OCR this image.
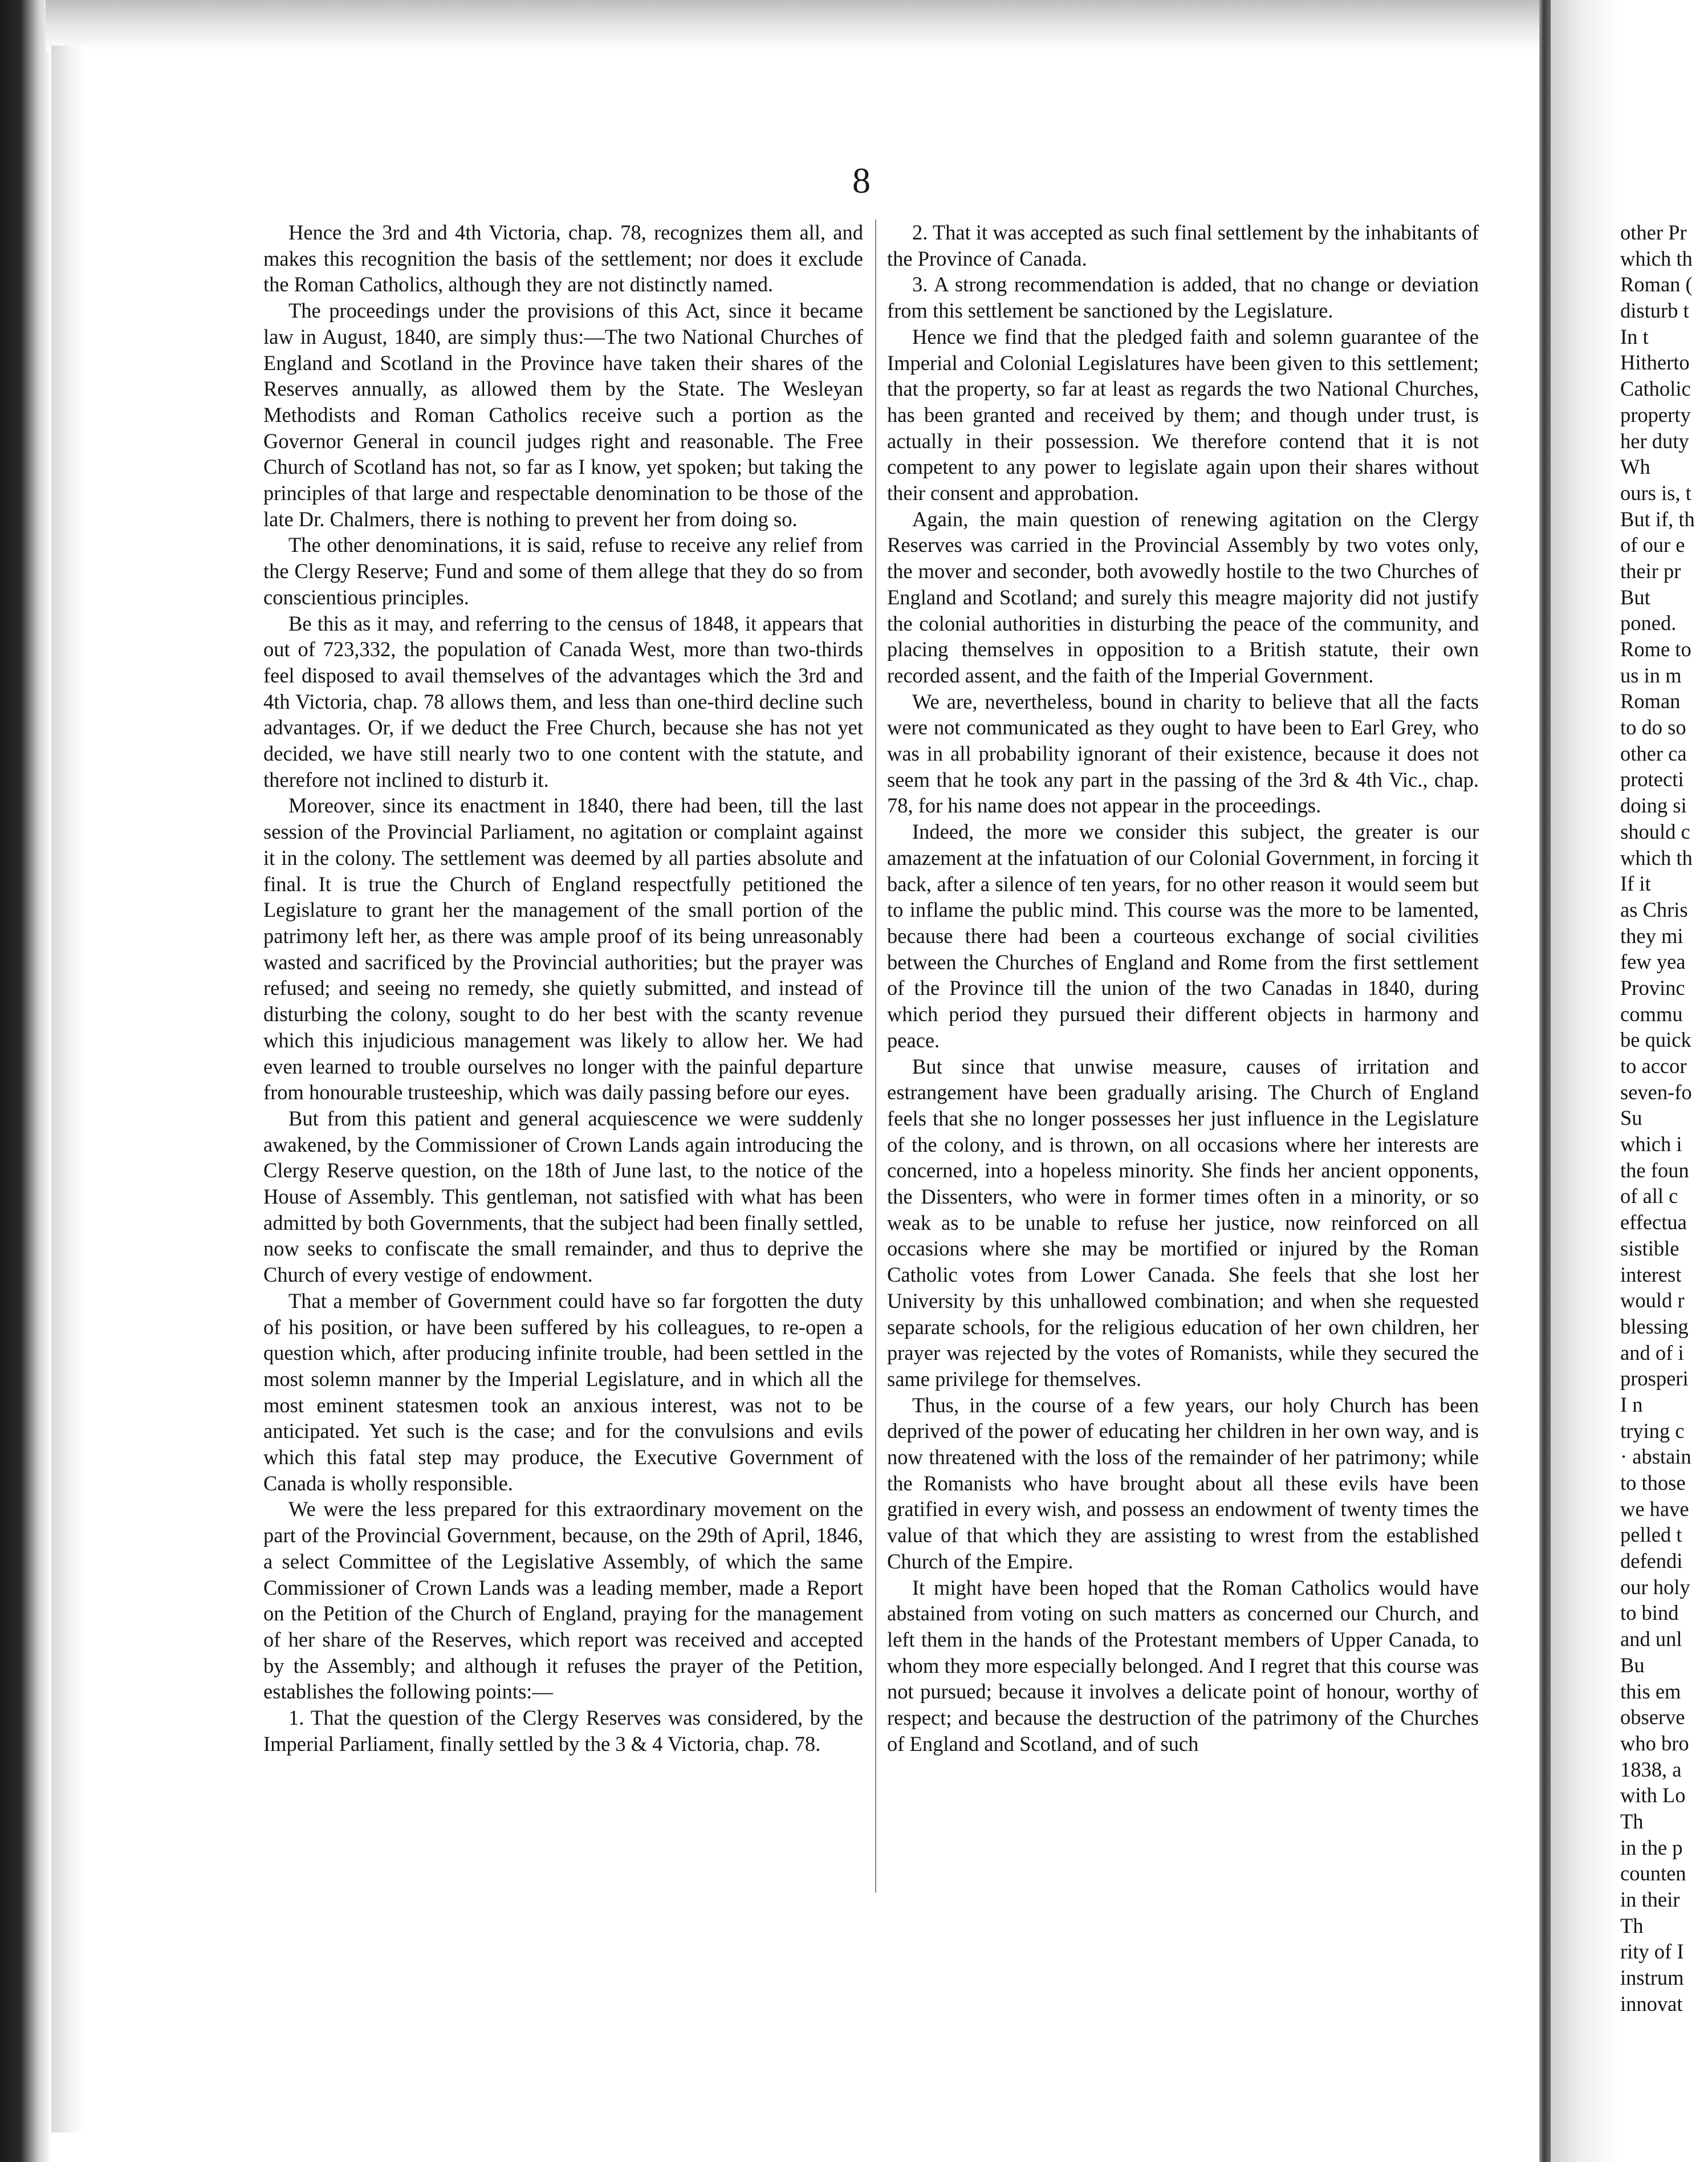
8

Hence the 3rd and 4th Victoria, chap. 78, recognizes them all, and makes this recognition the basis of the settlement; nor does it exclude the Roman Catholics, although they are not distinctly named.

The proceedings under the provisions of this Act, since it became law in August, 1840, are simply thus:—The two National Churches of England and Scotland in the Province have taken their shares of the Reserves annually, as allowed them by the State. The Wesleyan Methodists and Roman Catholics receive such a portion as the Governor General in council judges right and reasonable. The Free Church of Scotland has not, so far as I know, yet spoken; but taking the principles of that large and respectable denomination to be those of the late Dr. Chalmers, there is nothing to prevent her from doing so.

The other denominations, it is said, refuse to receive any relief from the Clergy Reserve; Fund and some of them allege that they do so from conscientious principles.

Be this as it may, and referring to the census of 1848, it appears that out of 723,332, the population of Canada West, more than two-thirds feel disposed to avail themselves of the advantages which the 3rd and 4th Victoria, chap. 78 allows them, and less than one-third decline such advantages. Or, if we deduct the Free Church, because she has not yet decided, we have still nearly two to one content with the statute, and therefore not inclined to disturb it.

Moreover, since its enactment in 1840, there had been, till the last session of the Provincial Parliament, no agitation or complaint against it in the colony. The settlement was deemed by all parties absolute and final. It is true the Church of England respectfully petitioned the Legislature to grant her the management of the small portion of the patrimony left her, as there was ample proof of its being unreasonably wasted and sacrificed by the Provincial authorities; but the prayer was refused; and seeing no remedy, she quietly submitted, and instead of disturbing the colony, sought to do her best with the scanty revenue which this injudicious management was likely to allow her. We had even learned to trouble ourselves no longer with the painful departure from honourable trusteeship, which was daily passing before our eyes.

But from this patient and general acquiescence we were suddenly awakened, by the Commissioner of Crown Lands again introducing the Clergy Reserve question, on the 18th of June last, to the notice of the House of Assembly. This gentleman, not satisfied with what has been admitted by both Governments, that the subject had been finally settled, now seeks to confiscate the small remainder, and thus to deprive the Church of every vestige of endowment.

That a member of Government could have so far forgotten the duty of his position, or have been suffered by his colleagues, to re-open a question which, after producing infinite trouble, had been settled in the most solemn manner by the Imperial Legislature, and in which all the most eminent statesmen took an anxious interest, was not to be anticipated. Yet such is the case; and for the convulsions and evils which this fatal step may produce, the Executive Government of Canada is wholly responsible.

We were the less prepared for this extraordinary movement on the part of the Provincial Government, because, on the 29th of April, 1846, a select Committee of the Legislative Assembly, of which the same Commissioner of Crown Lands was a leading member, made a Report on the Petition of the Church of England, praying for the management of her share of the Reserves, which report was received and accepted by the Assembly; and although it refuses the prayer of the Petition, establishes the following points:—

1. That the question of the Clergy Reserves was considered, by the Imperial Parliament, finally settled by the 3 & 4 Victoria, chap. 78.

2. That it was accepted as such final settlement by the inhabitants of the Province of Canada.

3. A strong recommendation is added, that no change or deviation from this settlement be sanctioned by the Legislature.

Hence we find that the pledged faith and solemn guarantee of the Imperial and Colonial Legislatures have been given to this settlement; that the property, so far at least as regards the two National Churches, has been granted and received by them; and though under trust, is actually in their possession. We therefore contend that it is not competent to any power to legislate again upon their shares without their consent and approbation.

Again, the main question of renewing agitation on the Clergy Reserves was carried in the Provincial Assembly by two votes only, the mover and seconder, both avowedly hostile to the two Churches of England and Scotland; and surely this meagre majority did not justify the colonial authorities in disturbing the peace of the community, and placing themselves in opposition to a British statute, their own recorded assent, and the faith of the Imperial Government.

We are, nevertheless, bound in charity to believe that all the facts were not communicated as they ought to have been to Earl Grey, who was in all probability ignorant of their existence, because it does not seem that he took any part in the passing of the 3rd & 4th Vic., chap. 78, for his name does not appear in the proceedings.

Indeed, the more we consider this subject, the greater is our amazement at the infatuation of our Colonial Government, in forcing it back, after a silence of ten years, for no other reason it would seem but to inflame the public mind. This course was the more to be lamented, because there had been a courteous exchange of social civilities between the Churches of England and Rome from the first settlement of the Province till the union of the two Canadas in 1840, during which period they pursued their different objects in harmony and peace.

But since that unwise measure, causes of irritation and estrangement have been gradually arising. The Church of England feels that she no longer possesses her just influence in the Legislature of the colony, and is thrown, on all occasions where her interests are concerned, into a hopeless minority. She finds her ancient opponents, the Dissenters, who were in former times often in a minority, or so weak as to be unable to refuse her justice, now reinforced on all occasions where she may be mortified or injured by the Roman Catholic votes from Lower Canada. She feels that she lost her University by this unhallowed combination; and when she requested separate schools, for the religious education of her own children, her prayer was rejected by the votes of Romanists, while they secured the same privilege for themselves.

Thus, in the course of a few years, our holy Church has been deprived of the power of educating her children in her own way, and is now threatened with the loss of the remainder of her patrimony; while the Romanists who have brought about all these evils have been gratified in every wish, and possess an endowment of twenty times the value of that which they are assisting to wrest from the established Church of the Empire.

It might have been hoped that the Roman Catholics would have abstained from voting on such matters as concerned our Church, and left them in the hands of the Protestant members of Upper Canada, to whom they more especially belonged. And I regret that this course was not pursued; because it involves a delicate point of honour, worthy of respect; and because the destruction of the patrimony of the Churches of England and Scotland, and of such

other Pr
which th
Roman (
disturb t
In t
Hitherto
Catholic
property
her duty
Wh
ours is, t
But if, th
of our e
their pr
But
poned.
Rome to
us in m
Roman
to do so
other ca
protecti
doing si
should c
which th
If it
as Chris
they mi
few yea
Provinc
commu
be quick
to accor
seven-fo
Su
which i
the foun
of all c
effectua
sistible
interest
would r
blessing
and of i
prosperi
I n
trying c
· abstain
to those
we have
pelled t
defendi
our holy
to bind
and unl
Bu
this em
observe
who bro
1838, a
with Lo
Th
in the p
counten
in their
Th
rity of I
instrum
innovat
